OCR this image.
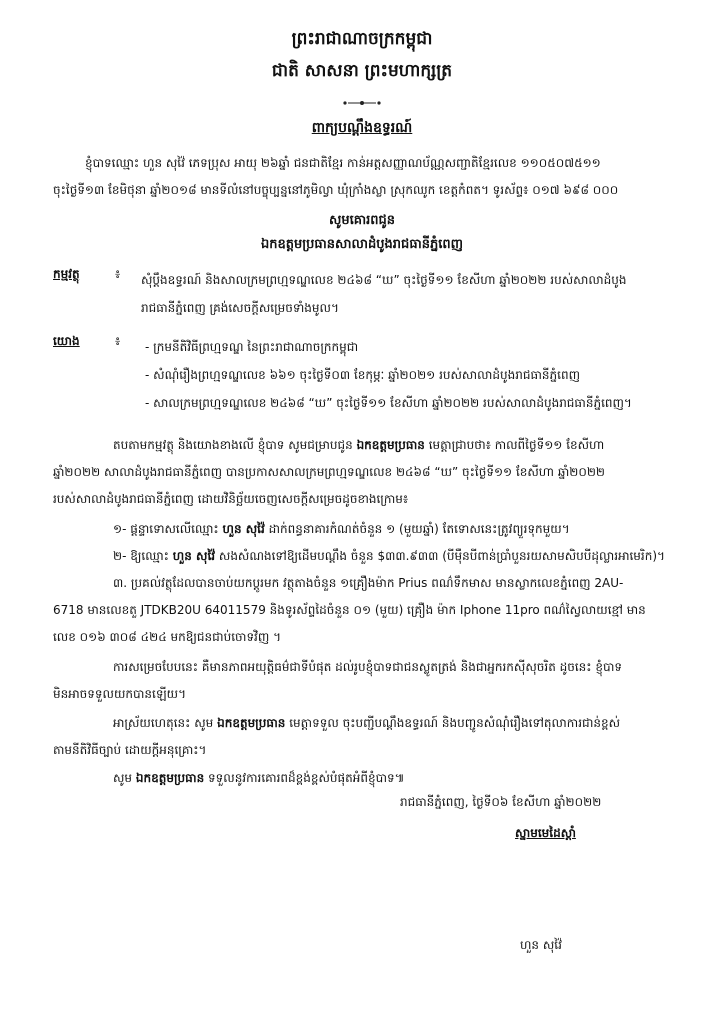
ព្រះរាជាណាចក្រកម្ពុជា
ជាតិ សាសនា ព្រះមហាក្សត្រ
ពាក្យបណ្តឹងឧទ្ធរណ៍
ខ្ញុំបាទឈ្មោះ ហួន សុវ៉ៃ ភេទប្រុស អាយុ ២៦ឆ្នាំ ជនជាតិខ្មែរ កាន់អត្តសញ្ញាណប័ណ្ណសញ្ជាតិខ្មែរលេខ ១១០៥០៧៥១១
ចុះថ្ងៃទី១៣ ខែមិថុនា ឆ្នាំ២០១៨ មានទីលំនៅបច្ចុប្បន្ននៅភូមិល្វា ឃុំក្រាំងស្លា ស្រុកឈូក ខេត្តកំពត។ ទូរស័ព្ទ៖ ០១៧ ៦៩៨ ០០០
សូមគោរពជូន
ឯកឧត្តមប្រធានសាលាដំបូងរាជធានីភ្នំពេញ
កម្មវត្ថុ	៖ សុំប្តឹងឧទ្ធរណ៍ និងសាលក្រមព្រហ្មទណ្ឌលេខ ២៤៦៨ “ឃ” ចុះថ្ងៃទី១១ ខែសីហា ឆ្នាំ២០២២ របស់សាលាដំបូង
រាជធានីភ្នំពេញ គ្រង់សេចក្តីសម្រេចទាំងមូល។
យោង	៖ - ក្រមនីតិវិធីព្រហ្មទណ្ឌ នៃព្រះរាជាណាចក្រកម្ពុជា
- សំណុំរឿងព្រហ្មទណ្ឌលេខ ៦៦១ ចុះថ្ងៃទី០៣ ខែកុម្ភៈ ឆ្នាំ២០២១ របស់សាលាដំបូងរាជធានីភ្នំពេញ
- សាលក្រមព្រហ្មទណ្ឌលេខ ២៤៦៨ “ឃ” ចុះថ្ងៃទី១១ ខែសីហា ឆ្នាំ២០២២ របស់សាលាដំបូងរាជធានីភ្នំពេញ។
តបតាមកម្មវត្ថុ និងយោងខាងលើ ខ្ញុំបាទ សូមជម្រាបជូន ឯកឧត្តមប្រធាន មេត្តាជ្រាបថា៖ កាលពីថ្ងៃទី១១ ខែសីហា
ឆ្នាំ២០២២ សាលាដំបូងរាជធានីភ្នំពេញ បានប្រកាសសាលក្រមព្រហ្មទណ្ឌលេខ ២៤៦៨ “ឃ” ចុះថ្ងៃទី១១ ខែសីហា ឆ្នាំ២០២២
របស់សាលាដំបូងរាជធានីភ្នំពេញ ដោយវិនិច្ឆ័យចេញសេចក្តីសម្រេចដូចខាងក្រោម៖
១- ផ្តន្ទាទោសលើឈ្មោះ ហួន សុវ៉ៃ ដាក់ពន្ធនាគារកំណត់ចំនួន ១ (មួយឆ្នាំ) តែទោសនេះត្រូវព្យួរទុកមួយ។
២- ឱ្យឈ្មោះ ហួន សុវ៉ៃ សងសំណងទៅឱ្យដើមបណ្តឹង ចំនួន $៣៣.៩៣៣ (បីម៉ឺនបីពាន់ប្រាំបួនរយសាមសិបបីដុល្លារអាមេរិក)។
៣. ប្រគល់វត្ថុដែលបានចាប់យកប្តូរមក វត្ថុតាងចំនួន ១គ្រឿងម៉ាក Prius ពណ៌ទឹកមាស មានស្លាកលេខភ្នំពេញ 2AU-
6718 មានលេខតួ JTDKB20U 64011579 និងទូរស័ព្ទដៃចំនួន ០១ (មួយ) គ្រឿង ម៉ាក Iphone 11pro ពណ៌ស្វៃលាយខ្មៅ មាន
លេខ ០១៦ ៣០៨ ៤២៤ មកឱ្យជនជាប់ចោទវិញ ។
ការសម្រេចបែបនេះ គឺមានភាពអយុត្តិធម៌ជាទីបំផុត ដល់រូបខ្ញុំបាទជាជនស្លូតត្រង់ និងជាអ្នករកស៊ីសុចរិត ដូចនេះ ខ្ញុំបាទ
មិនអាចទទួលយកបានឡើយ។
អាស្រ័យហេតុនេះ សូម ឯកឧត្តមប្រធាន មេត្តាទទួល ចុះបញ្ជីបណ្តឹងឧទ្ធរណ៍ និងបញ្ជូនសំណុំរឿងទៅតុលាការជាន់ខ្ពស់
តាមនីតិវិធីច្បាប់ ដោយក្តីអនុគ្រោះ។
សូម ឯកឧត្តមប្រធាន ទទួលនូវការគោរពដ៏ខ្ពង់ខ្ពស់បំផុតអំពីខ្ញុំបាទ៕
រាជធានីភ្នំពេញ, ថ្ងៃទី០៦ ខែសីហា ឆ្នាំ២០២២
ស្នាមមេដៃស្តាំ
ហួន សុវ៉ៃ
